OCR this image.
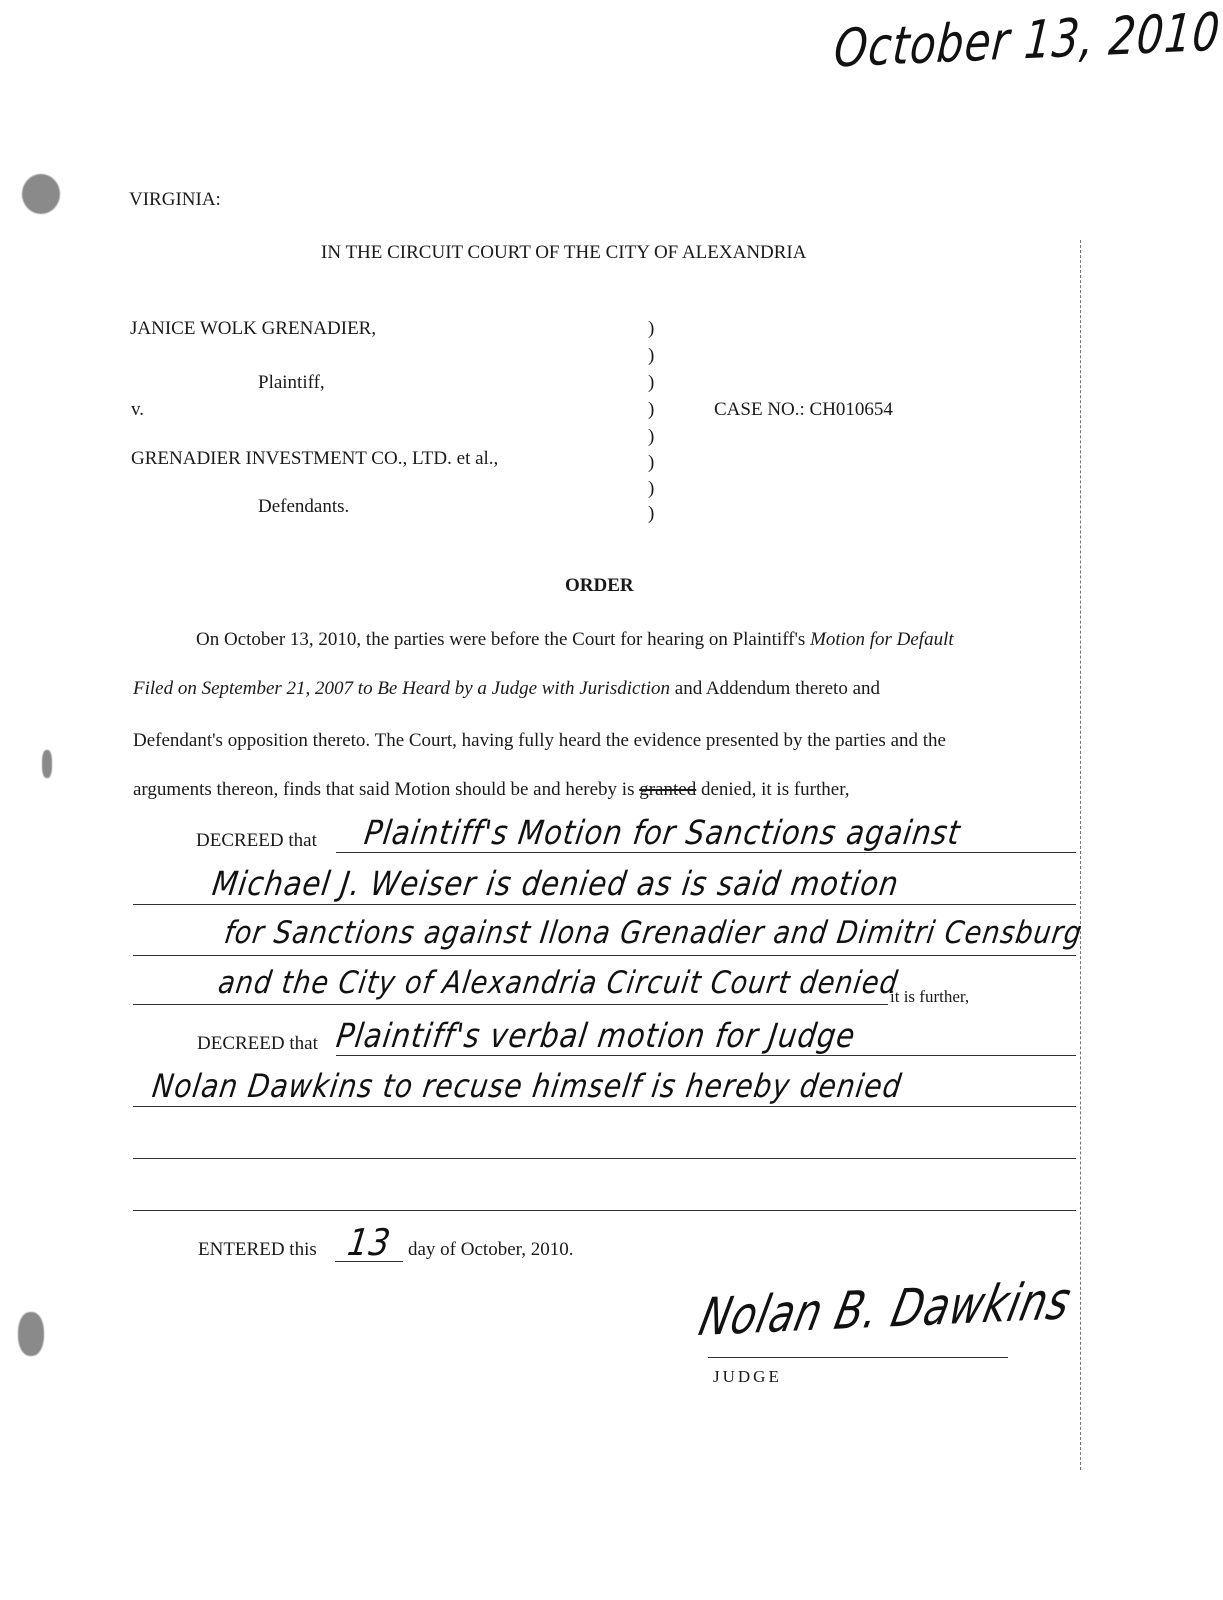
October 13, 2010
VIRGINIA:
IN THE CIRCUIT COURT OF THE CITY OF ALEXANDRIA
JANICE WOLK GRENADIER,
Plaintiff,
v.
GRENADIER INVESTMENT CO., LTD. et al.,
Defendants.
CASE NO.: CH010654
)
)
)
)
)
)
)
)
ORDER
On October 13, 2010, the parties were before the Court for hearing on Plaintiff's Motion for Default
Filed on September 21, 2007 to Be Heard by a Judge with Jurisdiction and Addendum thereto and
Defendant's opposition thereto. The Court, having fully heard the evidence presented by the parties and the
arguments thereon, finds that said Motion should be and hereby is granted denied, it is further,
DECREED that Plaintiff's Motion for Sanctions against
Michael J. Weiser is denied as is said motion
for Sanctions against Ilona Grenadier and Dimitri Censburg
and the City of Alexandria Circuit Court denied
it is further,
DECREED that Plaintiff's verbal motion for Judge
Nolan Dawkins to recuse himself is hereby denied
ENTERED this 13 day of October, 2010.
Nolan B. Dawkins
JUDGE
